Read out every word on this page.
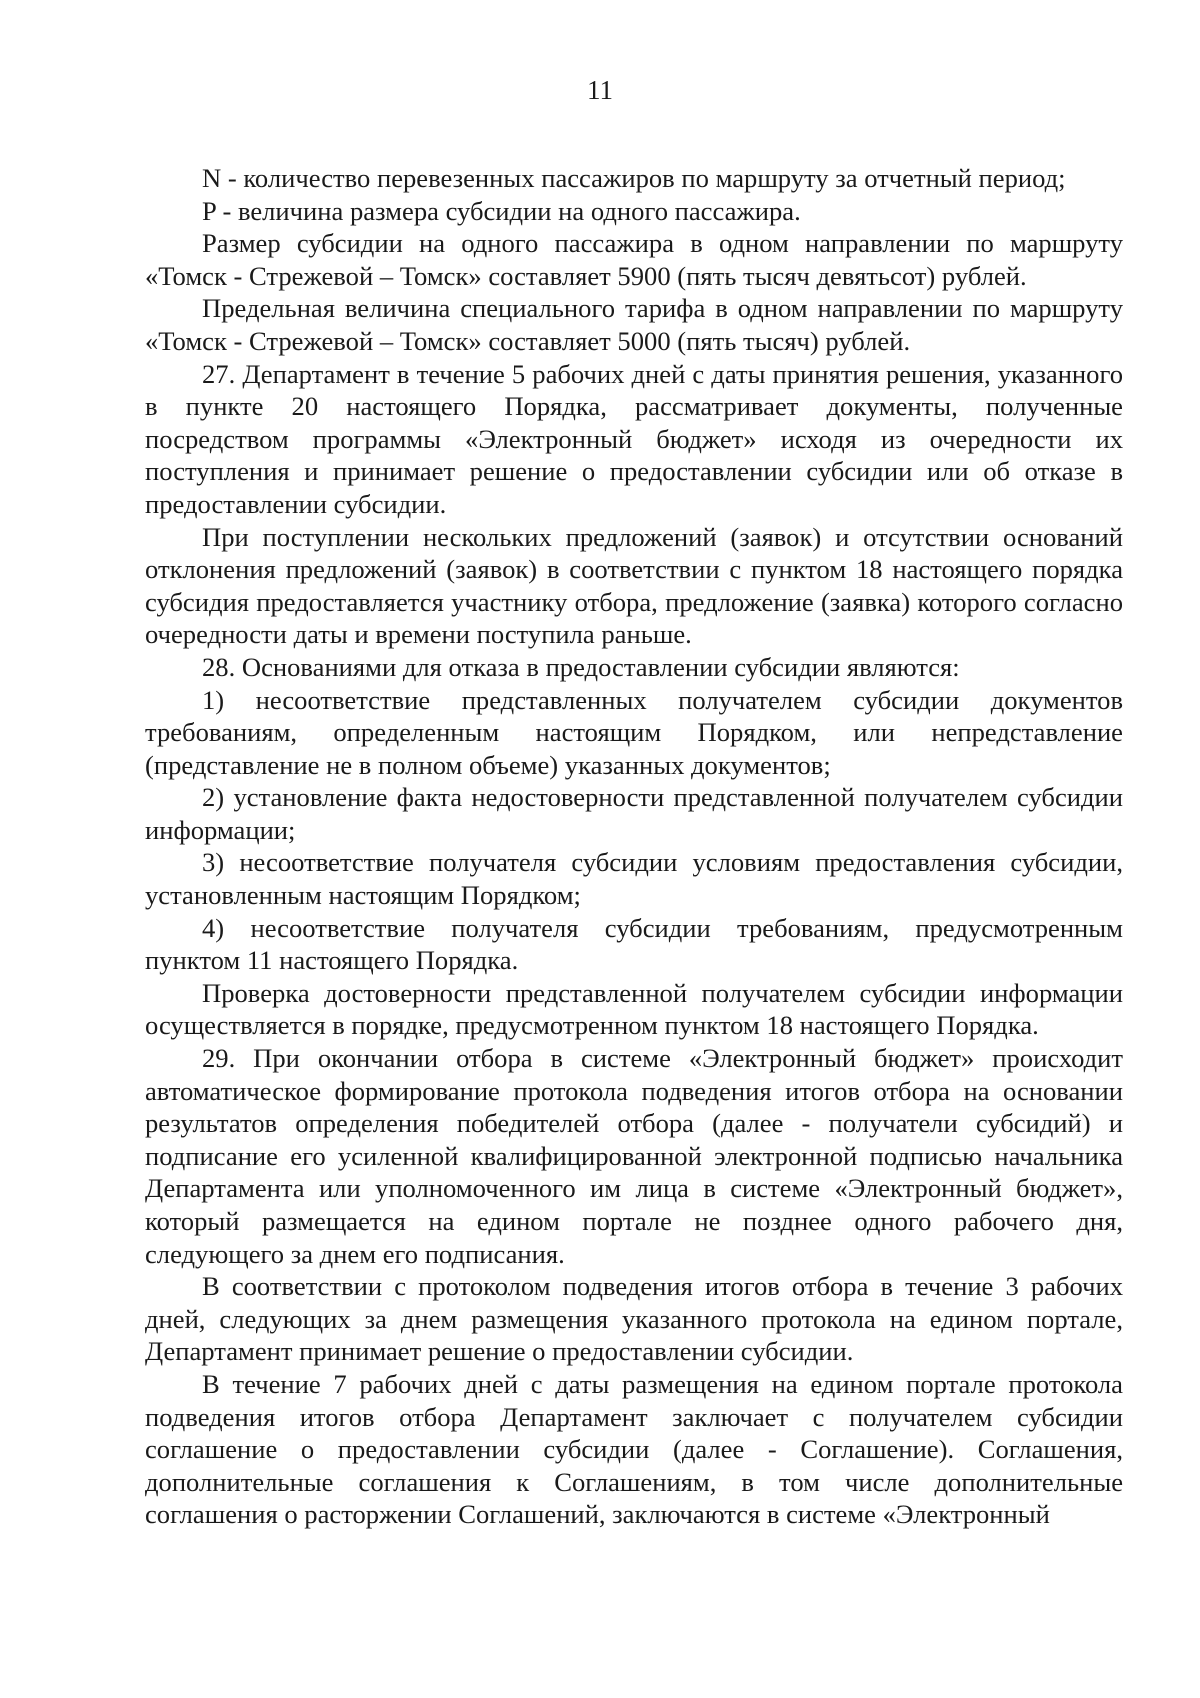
11

N - количество перевезенных пассажиров по маршруту за отчетный период;

P - величина размера субсидии на одного пассажира.

Размер субсидии на одного пассажира в одном направлении по маршруту «Томск - Стрежевой – Томск» составляет 5900 (пять тысяч девятьсот) рублей.

Предельная величина специального тарифа в одном направлении по маршруту «Томск - Стрежевой – Томск» составляет 5000 (пять тысяч) рублей.

27. Департамент в течение 5 рабочих дней с даты принятия решения, указанного в пункте 20 настоящего Порядка, рассматривает документы, полученные посредством программы «Электронный бюджет» исходя из очередности их поступления и принимает решение о предоставлении субсидии или об отказе в предоставлении субсидии.

При поступлении нескольких предложений (заявок) и отсутствии оснований отклонения предложений (заявок) в соответствии с пунктом 18 настоящего порядка субсидия предоставляется участнику отбора, предложение (заявка) которого согласно очередности даты и времени поступила раньше.

28. Основаниями для отказа в предоставлении субсидии являются:

1) несоответствие представленных получателем субсидии документов требованиям, определенным настоящим Порядком, или непредставление (представление не в полном объеме) указанных документов;

2) установление факта недостоверности представленной получателем субсидии информации;

3) несоответствие получателя субсидии условиям предоставления субсидии, установленным настоящим Порядком;

4) несоответствие получателя субсидии требованиям, предусмотренным пунктом 11 настоящего Порядка.

Проверка достоверности представленной получателем субсидии информации осуществляется в порядке, предусмотренном пунктом 18 настоящего Порядка.

29. При окончании отбора в системе «Электронный бюджет» происходит автоматическое формирование протокола подведения итогов отбора на основании результатов определения победителей отбора (далее - получатели субсидий) и подписание его усиленной квалифицированной электронной подписью начальника Департамента или уполномоченного им лица в системе «Электронный бюджет», который размещается на едином портале не позднее одного рабочего дня, следующего за днем его подписания.

В соответствии с протоколом подведения итогов отбора в течение 3 рабочих дней, следующих за днем размещения указанного протокола на едином портале, Департамент принимает решение о предоставлении субсидии.

В течение 7 рабочих дней с даты размещения на едином портале протокола подведения итогов отбора Департамент заключает с получателем субсидии соглашение о предоставлении субсидии (далее - Соглашение). Соглашения, дополнительные соглашения к Соглашениям, в том числе дополнительные соглашения о расторжении Соглашений, заключаются в системе «Электронный
